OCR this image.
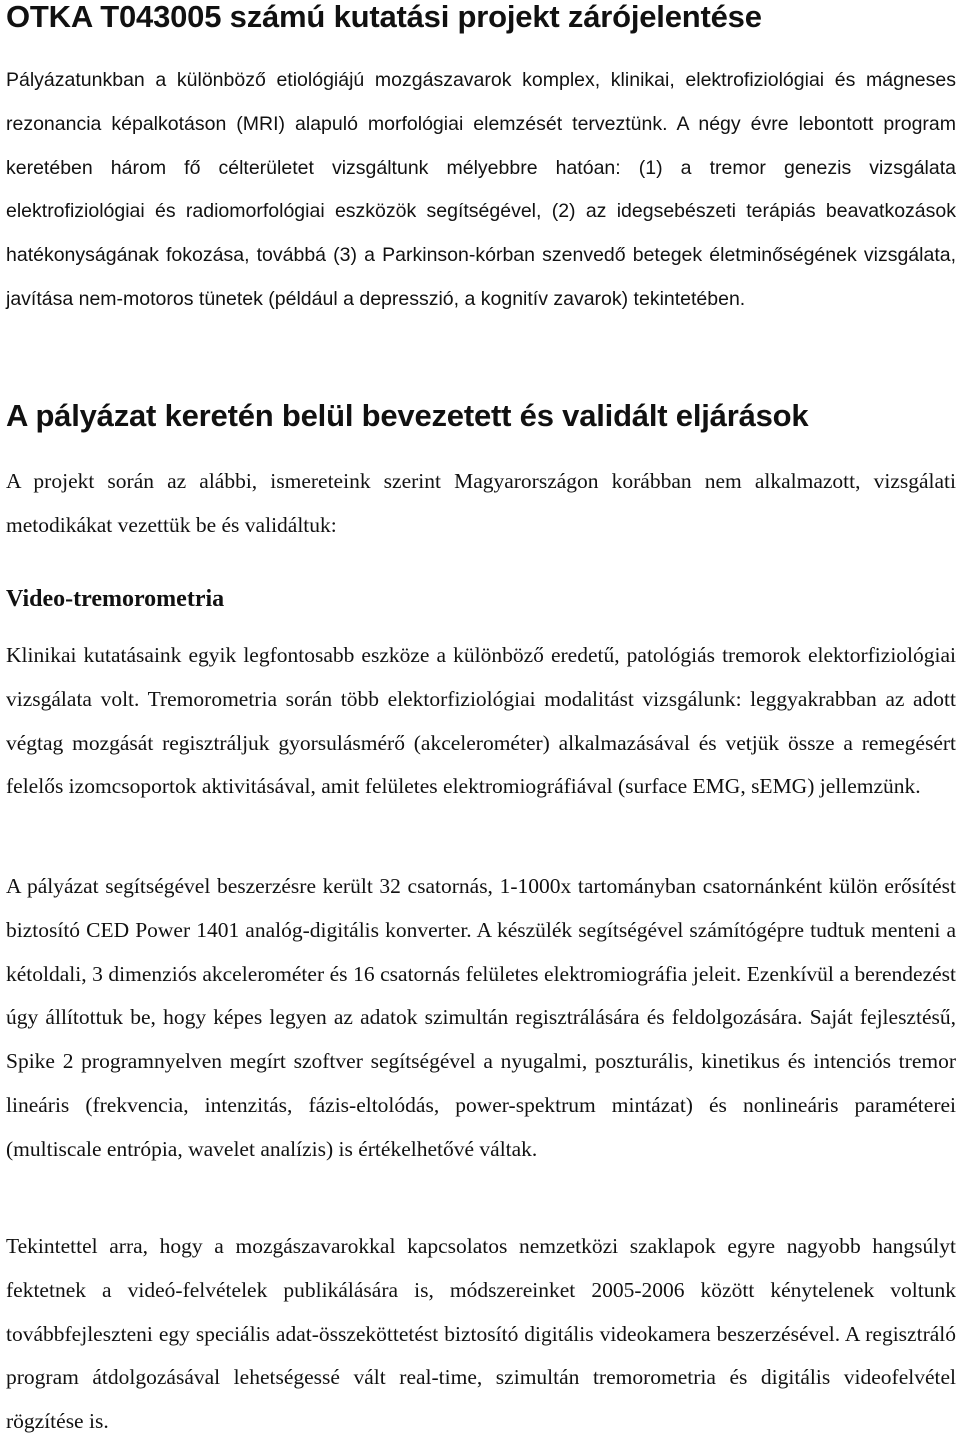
OTKA T043005 számú kutatási projekt zárójelentése

Pályázatunkban a különböző etiológiájú mozgászavarok komplex, klinikai, elektrofiziológiai és mágneses rezonancia képalkotáson (MRI) alapuló morfológiai elemzését terveztünk. A négy évre lebontott program keretében három fő célterületet vizsgáltunk mélyebbre hatóan: (1) a tremor genezis vizsgálata elektrofiziológiai és radiomorfológiai eszközök segítségével, (2) az idegsebészeti terápiás beavatkozások hatékonyságának fokozása, továbbá (3) a Parkinson-kórban szenvedő betegek életminőségének vizsgálata, javítása nem-motoros tünetek (például a depresszió, a kognitív zavarok) tekintetében.

A pályázat keretén belül bevezetett és validált eljárások

A projekt során az alábbi, ismereteink szerint Magyarországon korábban nem alkalmazott, vizsgálati metodikákat vezettük be és validáltuk:

Video-tremorometria

Klinikai kutatásaink egyik legfontosabb eszköze a különböző eredetű, patológiás tremorok elektorfiziológiai vizsgálata volt. Tremorometria során több elektorfiziológiai modalitást vizsgálunk: leggyakrabban az adott végtag mozgását regisztráljuk gyorsulásmérő (akcelerométer) alkalmazásával és vetjük össze a remegésért felelős izomcsoportok aktivitásával, amit felületes elektromiográfiával (surface EMG, sEMG) jellemzünk.

A pályázat segítségével beszerzésre került 32 csatornás, 1-1000x tartományban csatornánként külön erősítést biztosító CED Power 1401 analóg-digitális konverter. A készülék segítségével számítógépre tudtuk menteni a kétoldali, 3 dimenziós akcelerométer és 16 csatornás felületes elektromiográfia jeleit. Ezenkívül a berendezést úgy állítottuk be, hogy képes legyen az adatok szimultán regisztrálására és feldolgozására. Saját fejlesztésű, Spike 2 programnyelven megírt szoftver segítségével a nyugalmi, poszturális, kinetikus és intenciós tremor lineáris (frekvencia, intenzitás, fázis-eltolódás, power-spektrum mintázat) és nonlineáris paraméterei (multiscale entrópia, wavelet analízis) is értékelhetővé váltak.

Tekintettel arra, hogy a mozgászavarokkal kapcsolatos nemzetközi szaklapok egyre nagyobb hangsúlyt fektetnek a videó-felvételek publikálására is, módszereinket 2005-2006 között kénytelenek voltunk továbbfejleszteni egy speciális adat-összeköttetést biztosító digitális videokamera beszerzésével. A regisztráló program átdolgozásával lehetségessé vált real-time, szimultán tremorometria és digitális videofelvétel rögzítése is.
